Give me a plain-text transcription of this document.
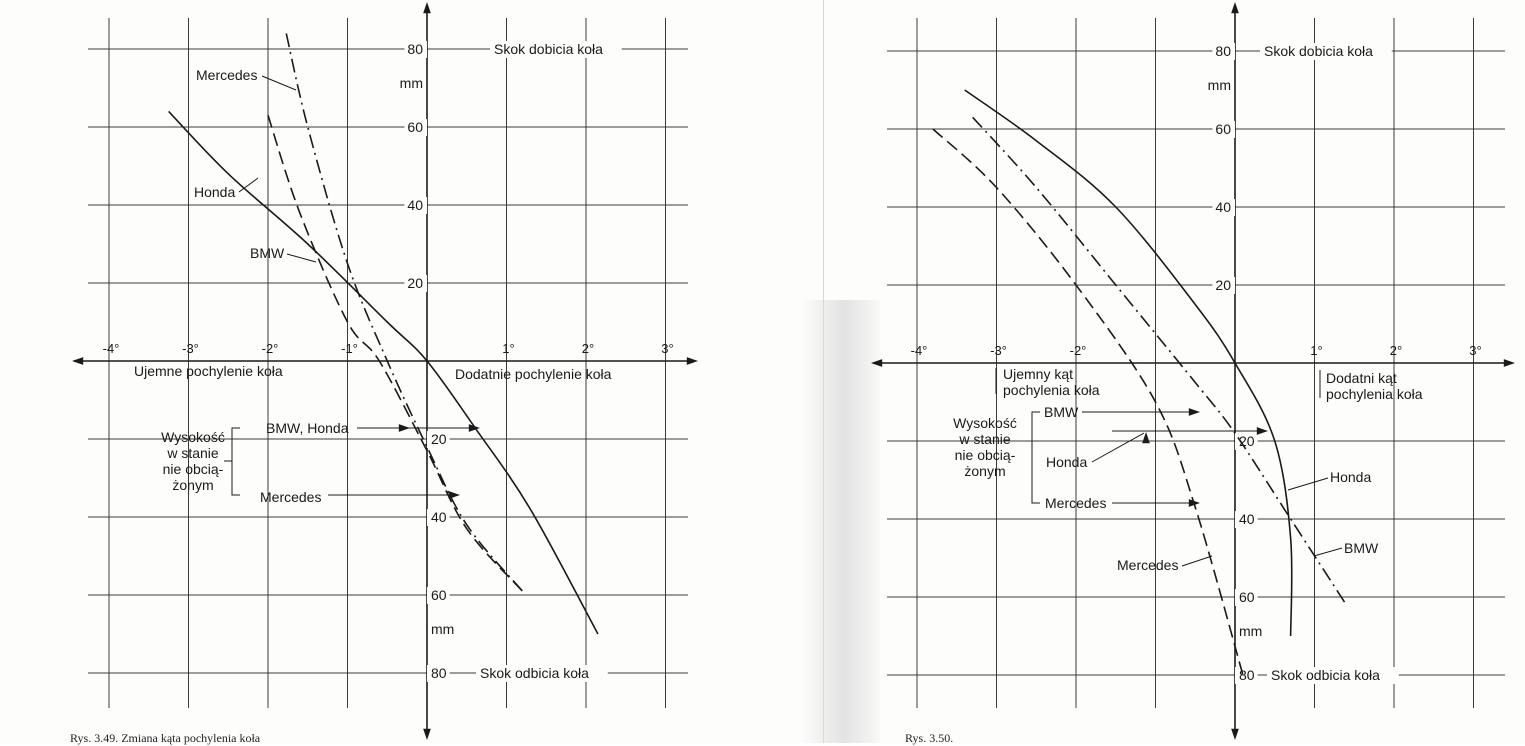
-4°	-3°	-2°	-1°	1°	2°	3°
20
40
60
80
20
40
60
80
mm
mm
Skok dobicia koła
Skok odbicia koła
Ujemne pochylenie koła	Dodatnie pochylenie koła
Mercedes
Honda
BMW
Wysokość
w stanie
nie obcią-
żonym
BMW, Honda
Mercedes
-4°	-3°	-2°	1°	2°	3°
20
40
60
80
20
40
60
80
mm
mm
Skok dobicia koła
Skok odbicia koła
Ujemny kąt
pochylenia koła
Dodatni kąt
pochylenia koła
Wysokość
w stanie
nie obcią-
żonym
BMW
Honda
Mercedes
Honda
BMW
Mercedes
Rys. 3.49. Zmiana kąta pochylenia koła	Rys. 3.50.
